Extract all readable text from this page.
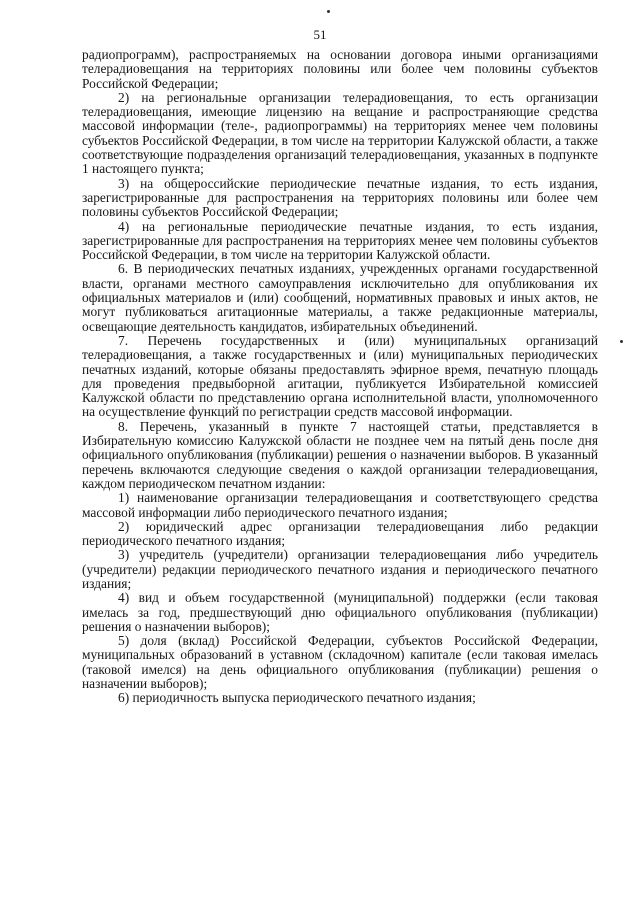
51

радиопрограмм), распространяемых на основании договора иными организациями телерадиовещания на территориях половины или более чем половины субъектов Российской Федерации;

2) на региональные организации телерадиовещания, то есть организации телерадиовещания, имеющие лицензию на вещание и распространяющие средства массовой информации (теле-, радиопрограммы) на территориях менее чем половины субъектов Российской Федерации, в том числе на территории Калужской области, а также соответствующие подразделения организаций телерадиовещания, указанных в подпункте 1 настоящего пункта;

3) на общероссийские периодические печатные издания, то есть издания, зарегистрированные для распространения на территориях половины или более чем половины субъектов Российской Федерации;

4) на региональные периодические печатные издания, то есть издания, зарегистрированные для распространения на территориях менее чем половины субъектов Российской Федерации, в том числе на территории Калужской области.

6. В периодических печатных изданиях, учрежденных органами государственной власти, органами местного самоуправления исключительно для опубликования их официальных материалов и (или) сообщений, нормативных правовых и иных актов, не могут публиковаться агитационные материалы, а также редакционные материалы, освещающие деятельность кандидатов, избирательных объединений.

7. Перечень государственных и (или) муниципальных организаций телерадиовещания, а также государственных и (или) муниципальных периодических печатных изданий, которые обязаны предоставлять эфирное время, печатную площадь для проведения предвыборной агитации, публикуется Избирательной комиссией Калужской области по представлению органа исполнительной власти, уполномоченного на осуществление функций по регистрации средств массовой информации.

8. Перечень, указанный в пункте 7 настоящей статьи, представляется в Избирательную комиссию Калужской области не позднее чем на пятый день после дня официального опубликования (публикации) решения о назначении выборов. В указанный перечень включаются следующие сведения о каждой организации телерадиовещания, каждом периодическом печатном издании:

1) наименование организации телерадиовещания и соответствующего средства массовой информации либо периодического печатного издания;

2) юридический адрес организации телерадиовещания либо редакции периодического печатного издания;

3) учредитель (учредители) организации телерадиовещания либо учредитель (учредители) редакции периодического печатного издания и периодического печатного издания;

4) вид и объем государственной (муниципальной) поддержки (если таковая имелась за год, предшествующий дню официального опубликования (публикации) решения о назначении выборов);

5) доля (вклад) Российской Федерации, субъектов Российской Федерации, муниципальных образований в уставном (складочном) капитале (если таковая имелась (таковой имелся) на день официального опубликования (публикации) решения о назначении выборов);

6) периодичность выпуска периодического печатного издания;
